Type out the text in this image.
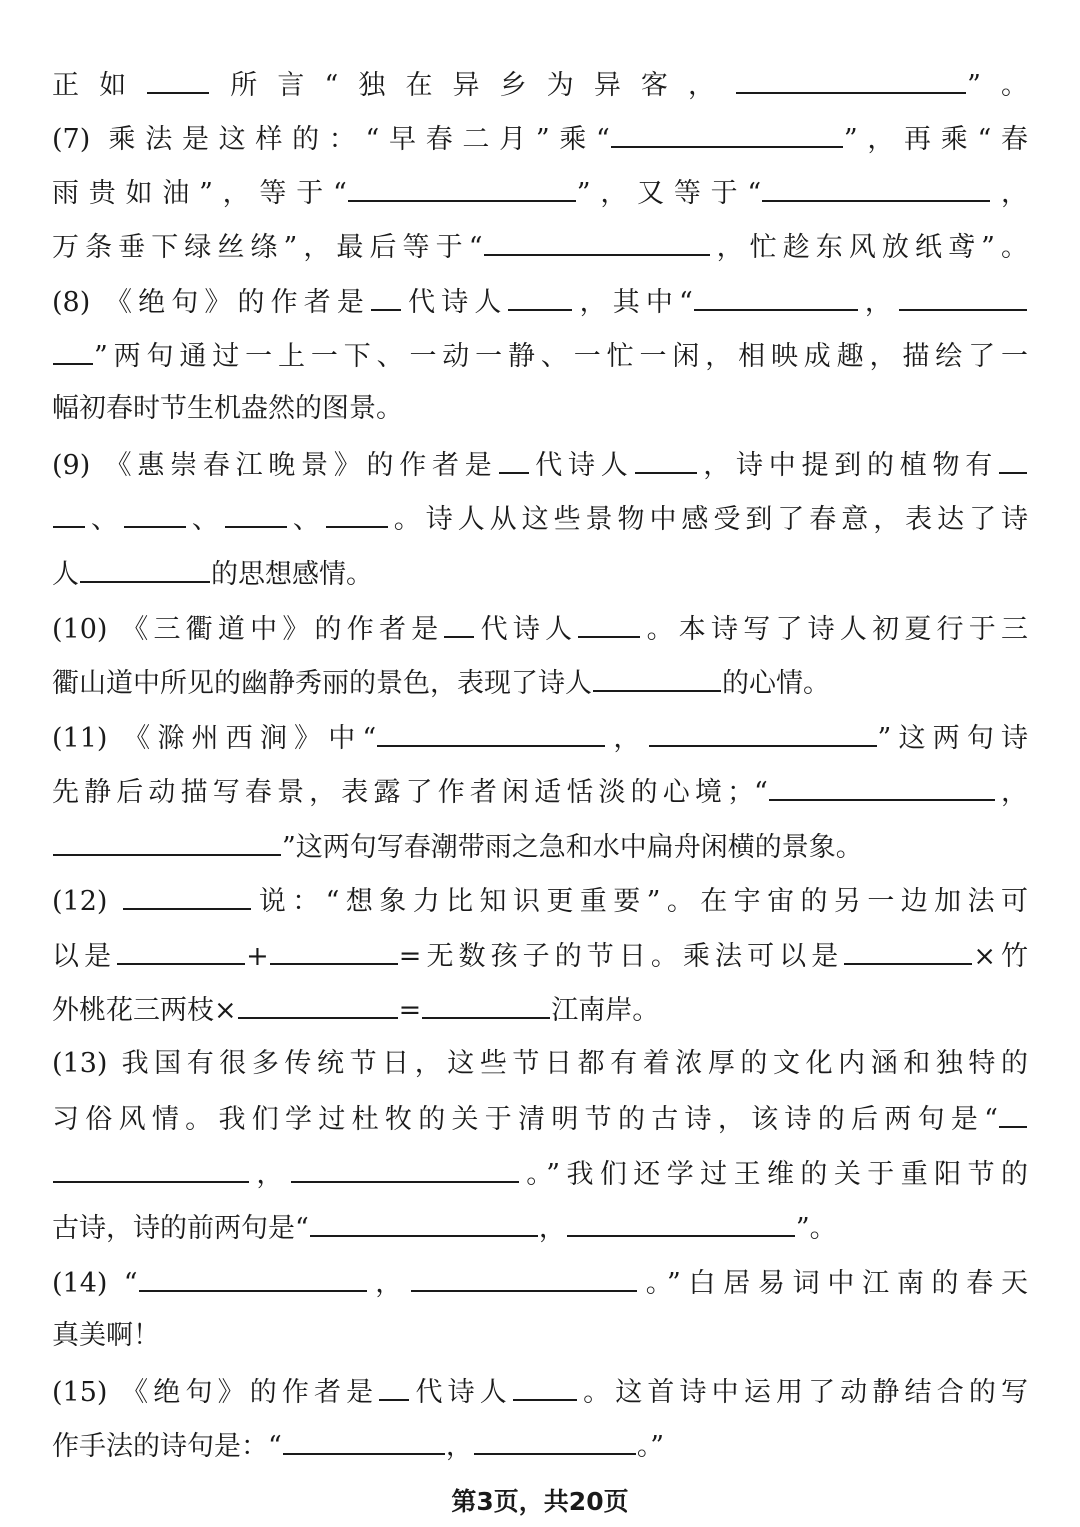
正如 所言“独在异乡为异客，	”。
(7) 乘法是这样的：“早春二月”乘“	”，再乘“春
雨贵如油”，等于“	”，又等于“	，
万条垂下绿丝绦”，最后等于“	，忙趁东风放纸鸢”。
(8) 《绝句》的作者是 代诗人 ，其中“	，
”两句通过一上一下、一动一静、一忙一闲，相映成趣，描绘了一
幅初春时节生机盎然的图景。
(9) 《惠崇春江晚景》的作者是 代诗人 ，诗中提到的植物有
、 、 、 。诗人从这些景物中感受到了春意，表达了诗
人	的思想感情。
(10) 《三衢道中》的作者是 代诗人 。本诗写了诗人初夏行于三
衢山道中所见的幽静秀丽的景色，表现了诗人	的心情。
(11) 《滁州西涧》中“	，	”这两句诗
先静后动描写春景，表露了作者闲适恬淡的心境；“	，
”这两句写春潮带雨之急和水中扁舟闲横的景象。
(12)	说：“想象力比知识更重要”。在宇宙的另一边加法可
以是	+	=无数孩子的节日。乘法可以是	×竹
外桃花三两枝×	=	江南岸。
(13) 我国有很多传统节日，这些节日都有着浓厚的文化内涵和独特的
习俗风情。我们学过杜牧的关于清明节的古诗，该诗的后两句是“
，	。”我们还学过王维的关于重阳节的
古诗，诗的前两句是“	，	”。
(14) “	，	。”白居易词中江南的春天
真美啊！
(15) 《绝句》的作者是 代诗人 。这首诗中运用了动静结合的写
作手法的诗句是：“	，	。”
第3页，共20页
